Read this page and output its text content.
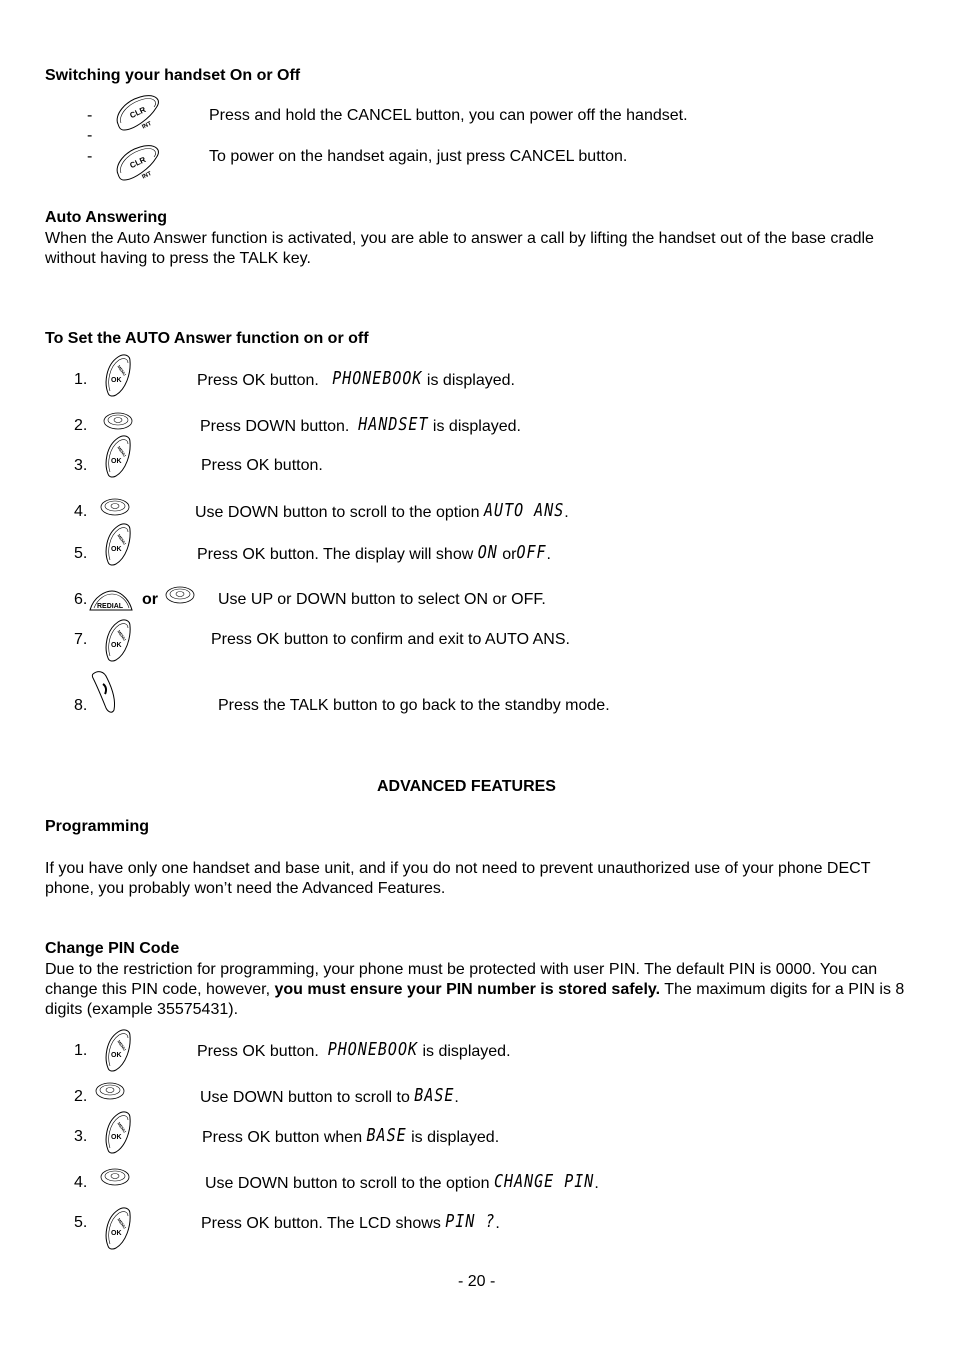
Switching your handset On or Off
-
-
-
CLR
INT
Press and hold the CANCEL button, you can power off the handset.
CLR
INT
To power on the handset again, just press CANCEL button.
Auto Answering
When the Auto Answer function is activated, you are able to answer a call by lifting the handset out of the base cradle without having to press the TALK key.
To Set the AUTO Answer function on or off
1.	OK
MENU
Press OK button. PHONEBOOK is displayed.
2.	Press DOWN button. HANDSET is displayed.
3.	OK
MENU
Press OK button.
4.	Use DOWN button to scroll to the option AUTO ANS.
5.	OK
MENU
Press OK button. The display will show ON orOFF.
6. REDIAL or	Use UP or DOWN button to select ON or OFF.
7.	OK
MENU	Press OK button to confirm and exit to AUTO ANS.
8.	Press the TALK button to go back to the standby mode.
ADVANCED FEATURES
Programming
If you have only one handset and base unit, and if you do not need to prevent unauthorized use of your phone DECT phone, you probably won’t need the Advanced Features.
Change PIN Code
Due to the restriction for programming, your phone must be protected with user PIN. The default PIN is 0000. You can change this PIN code, however, you must ensure your PIN number is stored safely. The maximum digits for a PIN is 8 digits (example 35575431).
1.	OK
MENU	Press OK button. PHONEBOOK is displayed.
2.	Use DOWN button to scroll to BASE.
3.	OK
MENU
Press OK button when BASE is displayed.
4.	Use DOWN button to scroll to the option CHANGE PIN.
5.
OK
MENU	Press OK button. The LCD shows PIN ?.
- 20 -
